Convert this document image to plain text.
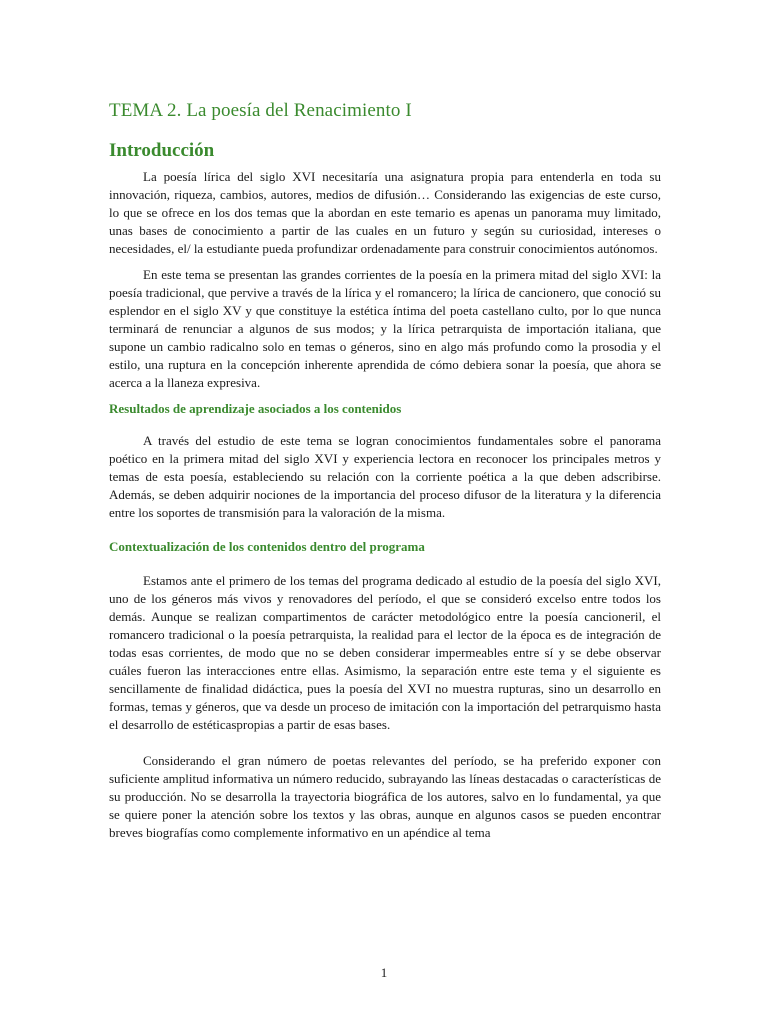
TEMA 2. La poesía del Renacimiento I
Introducción

La poesía lírica del siglo XVI necesitaría una asignatura propia para entenderla en toda su innovación, riqueza, cambios, autores, medios de difusión… Considerando las exigencias de este curso, lo que se ofrece en los dos temas que la abordan en este temario es apenas un panorama muy limitado, unas bases de conocimiento a partir de las cuales en un futuro y según su curiosidad, intereses o necesidades, el/ la estudiante pueda profundizar ordenadamente para construir conocimientos autónomos.

En este tema se presentan las grandes corrientes de la poesía en la primera mitad del siglo XVI: la poesía tradicional, que pervive a través de la lírica y el romancero; la lírica de cancionero, que conoció su esplendor en el siglo XV y que constituye la estética íntima del poeta castellano culto, por lo que nunca terminará de renunciar a algunos de sus modos; y la lírica petrarquista de importación italiana, que supone un cambio radicalno solo en temas o géneros, sino en algo más profundo como la prosodia y el estilo, una ruptura en la concepción inherente aprendida de cómo debiera sonar la poesía, que ahora se acerca a la llaneza expresiva.

Resultados de aprendizaje asociados a los contenidos

A través del estudio de este tema se logran conocimientos fundamentales sobre el panorama poético en la primera mitad del siglo XVI y experiencia lectora en reconocer los principales metros y temas de esta poesía, estableciendo su relación con la corriente poética a la que deben adscribirse. Además, se deben adquirir nociones de la importancia del proceso difusor de la literatura y la diferencia entre los soportes de transmisión para la valoración de la misma.

Contextualización de los contenidos dentro del programa

Estamos ante el primero de los temas del programa dedicado al estudio de la poesía del siglo XVI, uno de los géneros más vivos y renovadores del período, el que se consideró excelso entre todos los demás. Aunque se realizan compartimentos de carácter metodológico entre la poesía cancioneril, el romancero tradicional o la poesía petrarquista, la realidad para el lector de la época es de integración de todas esas corrientes, de modo que no se deben considerar impermeables entre sí y se debe observar cuáles fueron las interacciones entre ellas. Asimismo, la separación entre este tema y el siguiente es sencillamente de finalidad didáctica, pues la poesía del XVI no muestra rupturas, sino un desarrollo en formas, temas y géneros, que va desde un proceso de imitación con la importación del petrarquismo hasta el desarrollo de estéticaspropias a partir de esas bases.

Considerando el gran número de poetas relevantes del período, se ha preferido exponer con suficiente amplitud informativa un número reducido, subrayando las líneas destacadas o características de su producción. No se desarrolla la trayectoria biográfica de los autores, salvo en lo fundamental, ya que se quiere poner la atención sobre los textos y las obras, aunque en algunos casos se pueden encontrar breves biografías como complemente informativo en un apéndice al tema

1
